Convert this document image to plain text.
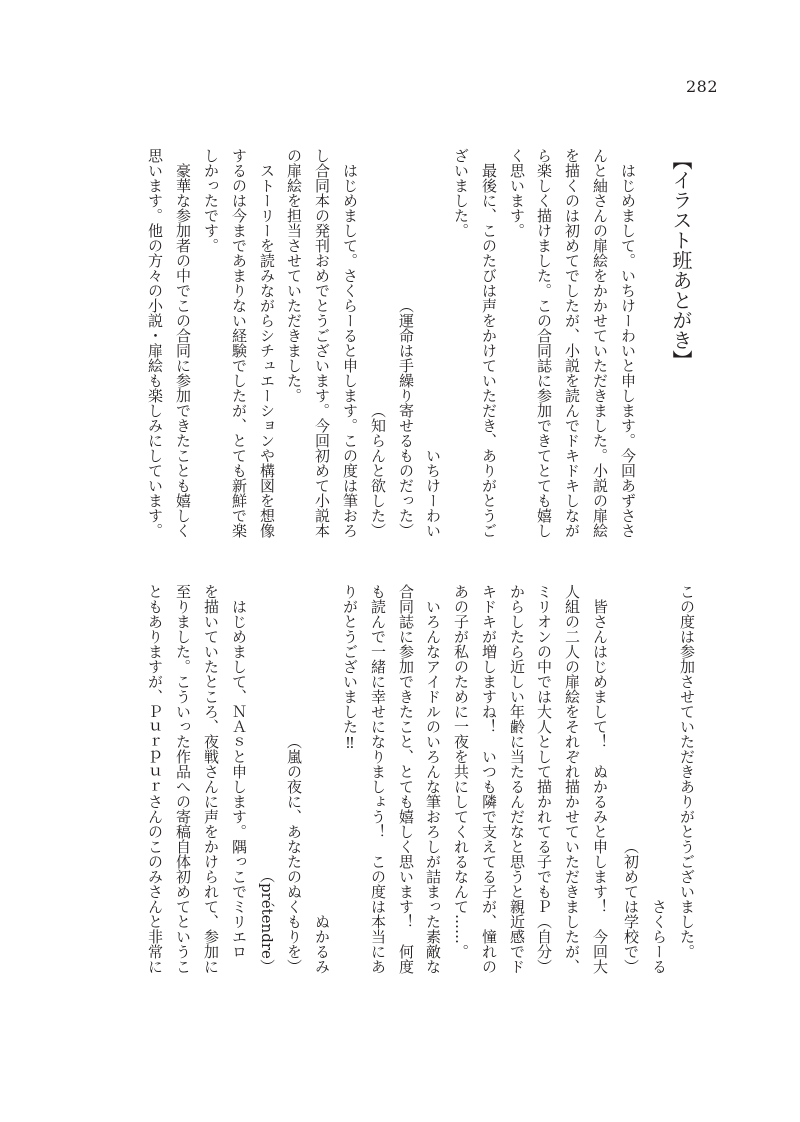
282
【イラスト班あとがき】
はじめまして。いちけーわいと申します。今回あずささ
んと紬さんの扉絵をかかせていただきました。小説の扉絵
を描くのは初めてでしたが、小説を読んでドキドキしなが
ら楽しく描けました。この合同誌に参加できてとても嬉し
く思います。
最後に、このたびは声をかけていただき、ありがとうご
ざいました。
いちけーわい
（運命は手繰り寄せるものだった）
（知らんと欲した）
はじめまして。さくらーると申します。この度は筆おろ
し合同本の発刊おめでとうございます。今回初めて小説本
の扉絵を担当させていただきました。
ストーリーを読みながらシチュエーションや構図を想像
するのは今まであまりない経験でしたが、とても新鮮で楽
しかったです。
豪華な参加者の中でこの合同に参加できたことも嬉しく
思います。他の方々の小説・扉絵も楽しみにしています。
この度は参加させていただきありがとうございました。
さくらーる
（初めては学校で）
皆さんはじめまして！　ぬかるみと申します！　今回大
人組の二人の扉絵をそれぞれ描かせていただきましたが、
ミリオンの中では大人として描かれてる子でもＰ（自分）
からしたら近しい年齢に当たるんだなと思うと親近感でド
キドキが増しますね！　いつも隣で支えてる子が、憧れの
あの子が私のために一夜を共にしてくれるなんて……。
いろんなアイドルのいろんな筆おろしが詰まった素敵な
合同誌に参加できたこと、とても嬉しく思います！　何度
も読んで一緒に幸せになりましょう！　この度は本当にあ
りがとうございました‼
ぬかるみ
（嵐の夜に、あなたのぬくもりを）
（prétendre）
はじめまして、ＮＡｓと申します。隅っこでミリエロ
を描いていたところ、夜戦さんに声をかけられて、参加に
至りました。こういった作品への寄稿自体初めてというこ
ともありますが、Ｐｕｒｐｕｒさんのこのみさんと非常に
